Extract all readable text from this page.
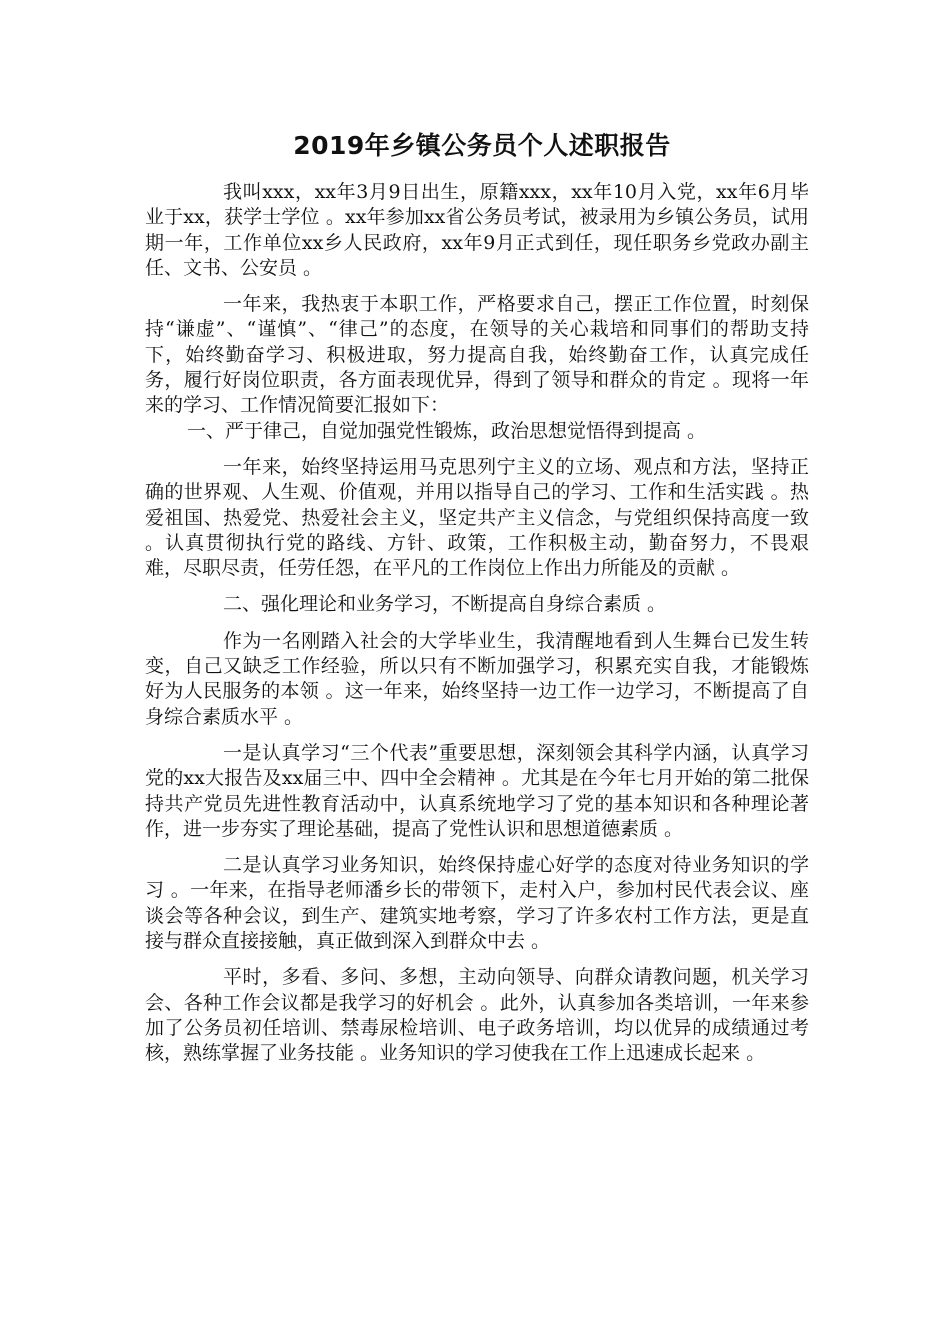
2019年乡镇公务员个人述职报告

我叫xxx，xx年3月9日出生，原籍xxx，xx年10月入党，xx年6月毕业于xx，获学士学位 。xx年参加xx省公务员考试，被录用为乡镇公务员，试用期一年，工作单位xx乡人民政府，xx年9月正式到任，现任职务乡党政办副主任、文书、公安员 。

一年来，我热衷于本职工作，严格要求自己，摆正工作位置，时刻保持“谦虚”、“谨慎”、“律己”的态度，在领导的关心栽培和同事们的帮助支持下，始终勤奋学习、积极进取，努力提高自我，始终勤奋工作，认真完成任务，履行好岗位职责，各方面表现优异，得到了领导和群众的肯定 。现将一年来的学习、工作情况简要汇报如下：

一、严于律己，自觉加强党性锻炼，政治思想觉悟得到提高 。

一年来，始终坚持运用马克思列宁主义的立场、观点和方法，坚持正确的世界观、人生观、价值观，并用以指导自己的学习、工作和生活实践 。热爱祖国、热爱党、热爱社会主义，坚定共产主义信念，与党组织保持高度一致 。认真贯彻执行党的路线、方针、政策，工作积极主动，勤奋努力，不畏艰难，尽职尽责，任劳任怨，在平凡的工作岗位上作出力所能及的贡献 。

二、强化理论和业务学习，不断提高自身综合素质 。

作为一名刚踏入社会的大学毕业生，我清醒地看到人生舞台已发生转变，自己又缺乏工作经验，所以只有不断加强学习，积累充实自我，才能锻炼好为人民服务的本领 。这一年来，始终坚持一边工作一边学习，不断提高了自身综合素质水平 。

一是认真学习“三个代表”重要思想，深刻领会其科学内涵，认真学习党的xx大报告及xx届三中、四中全会精神 。尤其是在今年七月开始的第二批保持共产党员先进性教育活动中，认真系统地学习了党的基本知识和各种理论著作，进一步夯实了理论基础，提高了党性认识和思想道德素质 。

二是认真学习业务知识，始终保持虚心好学的态度对待业务知识的学习 。一年来，在指导老师潘乡长的带领下，走村入户，参加村民代表会议、座谈会等各种会议，到生产、建筑实地考察，学习了许多农村工作方法，更是直接与群众直接接触，真正做到深入到群众中去 。

平时，多看、多问、多想，主动向领导、向群众请教问题，机关学习会、各种工作会议都是我学习的好机会 。此外，认真参加各类培训，一年来参加了公务员初任培训、禁毒尿检培训、电子政务培训，均以优异的成绩通过考核，熟练掌握了业务技能 。业务知识的学习使我在工作上迅速成长起来 。
